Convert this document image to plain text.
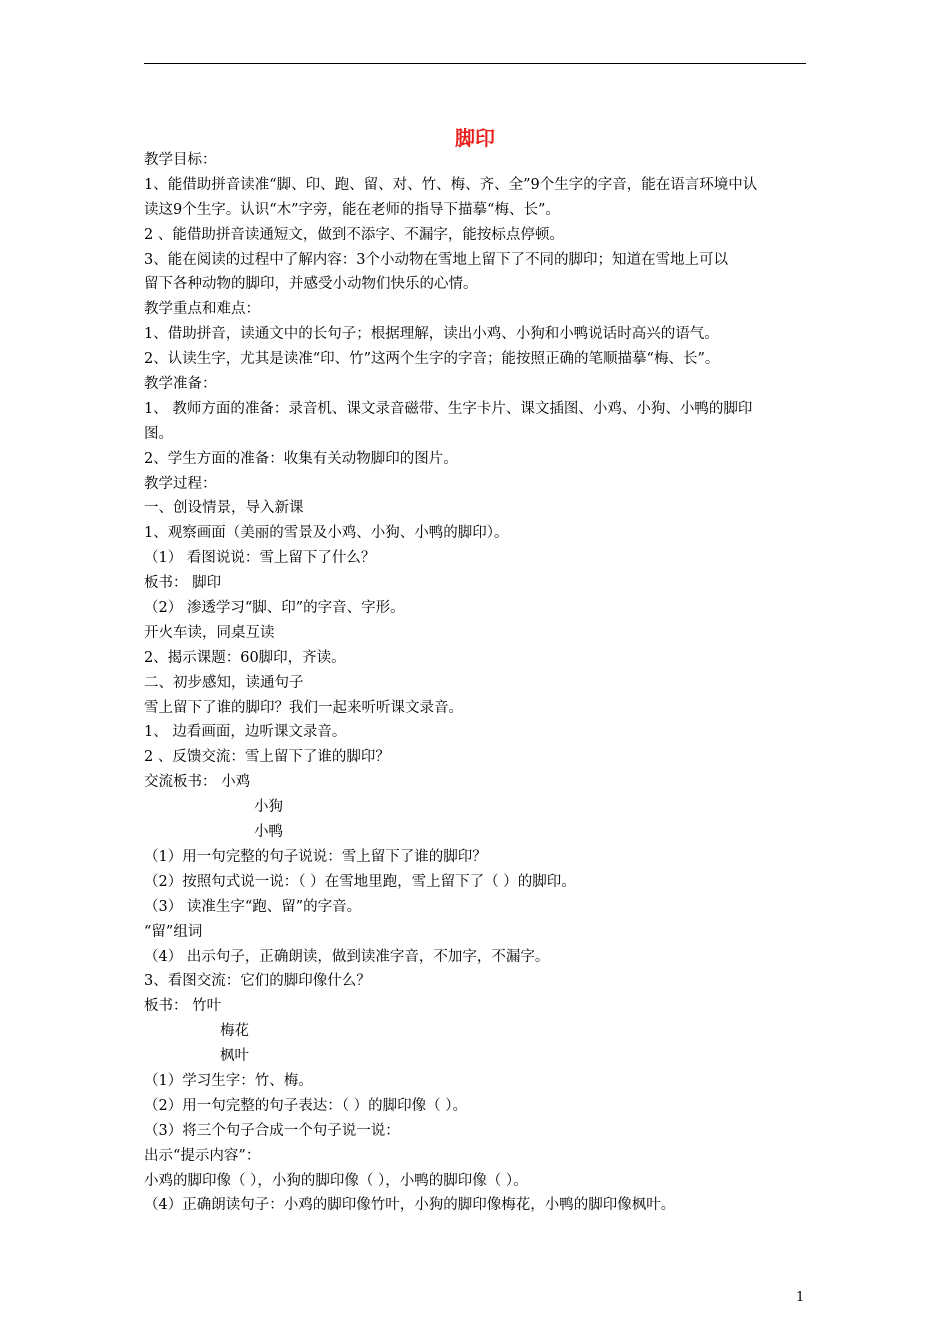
脚印
教学目标：
1、能借助拼音读准“脚、印、跑、留、对、竹、梅、齐、全”9个生字的字音，能在语言环境中认
读这9个生字。认识“木”字旁，能在老师的指导下描摹“梅、长”。
2 、能借助拼音读通短文，做到不添字、不漏字，能按标点停顿。
3、能在阅读的过程中了解内容：3个小动物在雪地上留下了不同的脚印；知道在雪地上可以
留下各种动物的脚印，并感受小动物们快乐的心情。
教学重点和难点：
1、借助拼音，读通文中的长句子；根据理解，读出小鸡、小狗和小鸭说话时高兴的语气。
2、认读生字，尤其是读准“印、竹”这两个生字的字音；能按照正确的笔顺描摹“梅、长”。
教学准备：
1、 教师方面的准备：录音机、课文录音磁带、生字卡片、课文插图、小鸡、小狗、小鸭的脚印
图。
2、学生方面的准备：收集有关动物脚印的图片。
教学过程：
一、创设情景，导入新课
1、观察画面（美丽的雪景及小鸡、小狗、小鸭的脚印）。
（1） 看图说说：雪上留下了什么？
板书： 脚印
（2） 渗透学习“脚、印”的字音、字形。
开火车读，同桌互读
2、揭示课题：60脚印，齐读。
二、初步感知，读通句子
雪上留下了谁的脚印？我们一起来听听课文录音。
1、 边看画面，边听课文录音。
2 、反馈交流：雪上留下了谁的脚印？
交流板书： 小鸡
小狗
小鸭
（1）用一句完整的句子说说：雪上留下了谁的脚印？
（2）按照句式说一说：（ ）在雪地里跑，雪上留下了（ ）的脚印。
（3） 读准生字“跑、留”的字音。
“留”组词
（4） 出示句子，正确朗读，做到读准字音，不加字，不漏字。
3、看图交流：它们的脚印像什么？
板书： 竹叶
梅花
枫叶
（1）学习生字：竹、梅。
（2）用一句完整的句子表达：（ ）的脚印像（ ）。
（3）将三个句子合成一个句子说一说：
出示“提示内容”：
小鸡的脚印像（ ），小狗的脚印像（ ），小鸭的脚印像（ ）。
（4）正确朗读句子：小鸡的脚印像竹叶，小狗的脚印像梅花，小鸭的脚印像枫叶。
1
